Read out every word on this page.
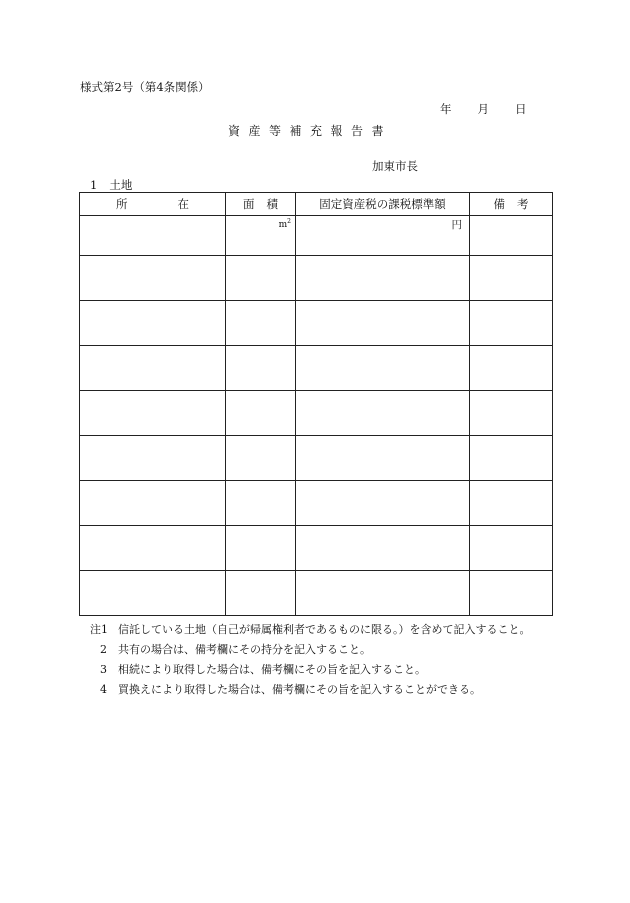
様式第2号（第4条関係）
年 月 日
資産等補充報告書
加東市長
1 土地
所 在	面積	固定資産税の課税標準額	備考

	$m^2$	円	

注1 信託している土地（自己が帰属権利者であるものに限る。）を含めて記入すること。
2	共有の場合は、備考欄にその持分を記入すること。
3	相続により取得した場合は、備考欄にその旨を記入すること。
4	買換えにより取得した場合は、備考欄にその旨を記入することができる。
